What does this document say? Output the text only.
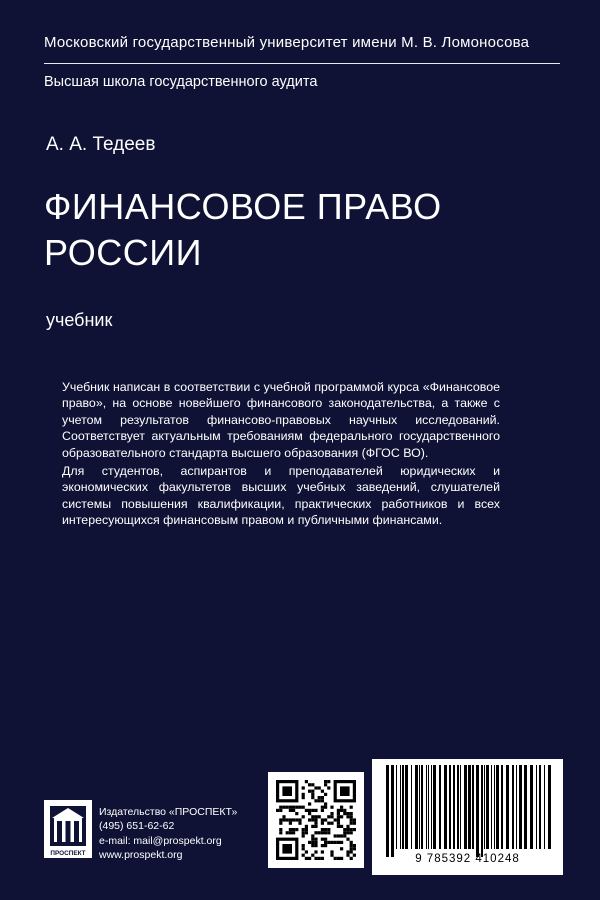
Московский государственный университет имени М. В. Ломоносова
Высшая школа государственного аудита
А. А. Тедеев
ФИНАНСОВОЕ ПРАВО
РОССИИ
учебник

Учебник написан в соответствии с учебной программой курса «Финансовое право», на основе новейшего финансового законодательства, а также с учетом результатов финансово-правовых научных исследований. Соответствует актуальным требованиям федерального государственного образовательного стандарта высшего образования (ФГОС ВО).

Для студентов, аспирантов и преподавателей юридических и экономических факультетов высших учебных заведений, слушателей системы повышения квалификации, практических работников и всех интересующихся финансовым правом и публичными финансами.

ПРОСПЕКТ
Издательство «ПРОСПЕКТ»
(495) 651-62-62
e-mail: mail@prospekt.org
www.prospekt.org	9 785392 410248
